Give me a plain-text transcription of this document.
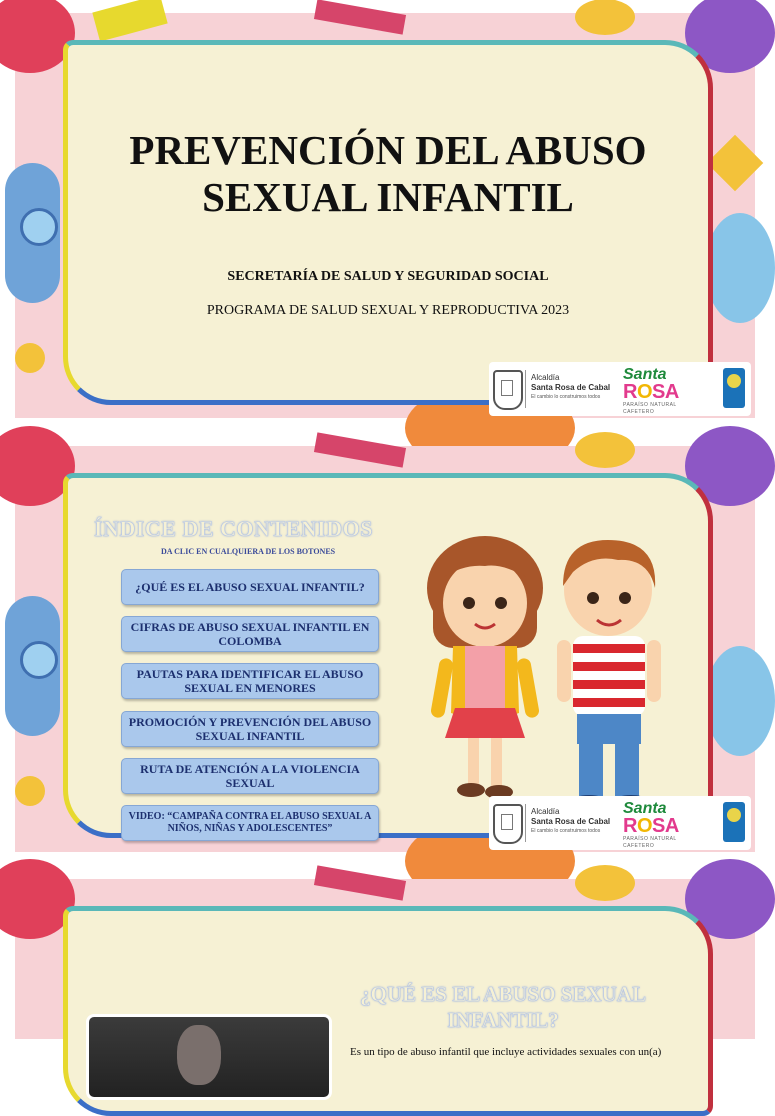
PREVENCIÓN DEL ABUSO
SEXUAL INFANTIL
SECRETARÍA DE SALUD Y SEGURIDAD SOCIAL
PROGRAMA DE SALUD SEXUAL Y REPRODUCTIVA 2023
Alcaldía
Santa Rosa de Cabal
El cambio lo construimos todos
Santa
ROSA
PARAÍSO NATURAL CAFETERO
ÍNDICE DE CONTENIDOS
DA CLIC EN CUALQUIERA DE LOS BOTONES
¿QUÉ ES EL ABUSO SEXUAL INFANTIL?
CIFRAS DE ABUSO SEXUAL INFANTIL EN COLOMBA
PAUTAS PARA IDENTIFICAR EL ABUSO SEXUAL EN MENORES
PROMOCIÓN Y PREVENCIÓN DEL ABUSO SEXUAL INFANTIL
RUTA DE ATENCIÓN A LA VIOLENCIA SEXUAL
VIDEO: “CAMPAÑA CONTRA EL ABUSO SEXUAL A NIÑOS, NIÑAS Y ADOLESCENTES”
Alcaldía
Santa Rosa de Cabal
El cambio lo construimos todos
Santa
ROSA
PARAÍSO NATURAL CAFETERO
¿QUÉ ES EL ABUSO SEXUAL INFANTIL?
Es un tipo de abuso infantil que incluye actividades sexuales con un(a)
